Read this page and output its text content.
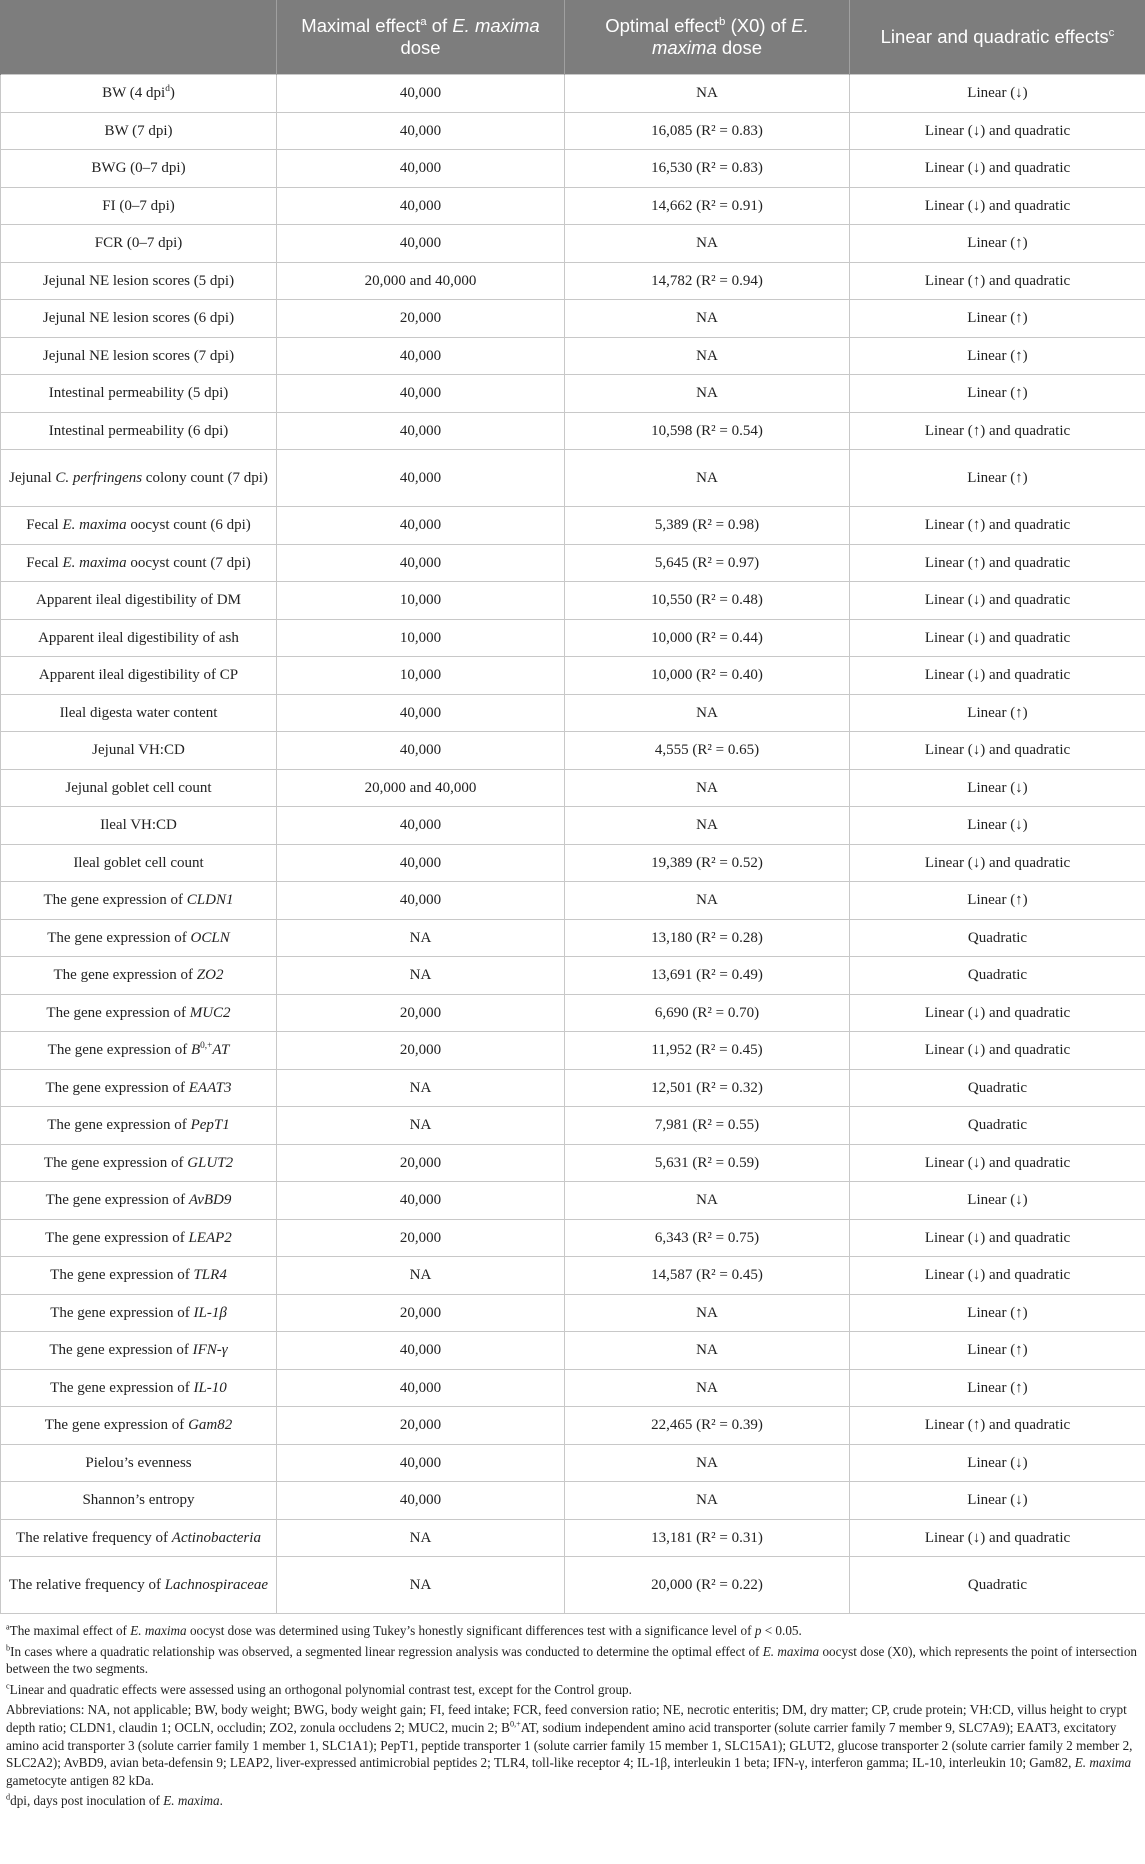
	Maximal effect$^a$ of E. maxima dose	Optimal effect$^b$ (X0) of E. maxima dose	Linear and quadratic effects$^c$
BW (4 dpi$^d$)	40,000	NA	Linear (↓)
BW (7 dpi)	40,000	16,085 (R² = 0.83)	Linear (↓) and quadratic
BWG (0–7 dpi)	40,000	16,530 (R² = 0.83)	Linear (↓) and quadratic
FI (0–7 dpi)	40,000	14,662 (R² = 0.91)	Linear (↓) and quadratic
FCR (0–7 dpi)	40,000	NA	Linear (↑)
Jejunal NE lesion scores (5 dpi)	20,000 and 40,000	14,782 (R² = 0.94)	Linear (↑) and quadratic
Jejunal NE lesion scores (6 dpi)	20,000	NA	Linear (↑)
Jejunal NE lesion scores (7 dpi)	40,000	NA	Linear (↑)
Intestinal permeability (5 dpi)	40,000	NA	Linear (↑)
Intestinal permeability (6 dpi)	40,000	10,598 (R² = 0.54)	Linear (↑) and quadratic
Jejunal C. perfringens colony count (7 dpi)	40,000	NA	Linear (↑)
Fecal E. maxima oocyst count (6 dpi)	40,000	5,389 (R² = 0.98)	Linear (↑) and quadratic
Fecal E. maxima oocyst count (7 dpi)	40,000	5,645 (R² = 0.97)	Linear (↑) and quadratic
Apparent ileal digestibility of DM	10,000	10,550 (R² = 0.48)	Linear (↓) and quadratic
Apparent ileal digestibility of ash	10,000	10,000 (R² = 0.44)	Linear (↓) and quadratic
Apparent ileal digestibility of CP	10,000	10,000 (R² = 0.40)	Linear (↓) and quadratic
Ileal digesta water content	40,000	NA	Linear (↑)
Jejunal VH:CD	40,000	4,555 (R² = 0.65)	Linear (↓) and quadratic
Jejunal goblet cell count	20,000 and 40,000	NA	Linear (↓)
Ileal VH:CD	40,000	NA	Linear (↓)
Ileal goblet cell count	40,000	19,389 (R² = 0.52)	Linear (↓) and quadratic
The gene expression of CLDN1	40,000	NA	Linear (↑)
The gene expression of OCLN	NA	13,180 (R² = 0.28)	Quadratic
The gene expression of ZO2	NA	13,691 (R² = 0.49)	Quadratic
The gene expression of MUC2	20,000	6,690 (R² = 0.70)	Linear (↓) and quadratic
The gene expression of $B^{0,+}AT$	20,000	11,952 (R² = 0.45)	Linear (↓) and quadratic
The gene expression of EAAT3	NA	12,501 (R² = 0.32)	Quadratic
The gene expression of PepT1	NA	7,981 (R² = 0.55)	Quadratic
The gene expression of GLUT2	20,000	5,631 (R² = 0.59)	Linear (↓) and quadratic
The gene expression of AvBD9	40,000	NA	Linear (↓)
The gene expression of LEAP2	20,000	6,343 (R² = 0.75)	Linear (↓) and quadratic
The gene expression of TLR4	NA	14,587 (R² = 0.45)	Linear (↓) and quadratic
The gene expression of IL-1β	20,000	NA	Linear (↑)
The gene expression of IFN-γ	40,000	NA	Linear (↑)
The gene expression of IL-10	40,000	NA	Linear (↑)
The gene expression of Gam82	20,000	22,465 (R² = 0.39)	Linear (↑) and quadratic
Pielou’s evenness	40,000	NA	Linear (↓)
Shannon’s entropy	40,000	NA	Linear (↓)
The relative frequency of Actinobacteria	NA	13,181 (R² = 0.31)	Linear (↓) and quadratic
The relative frequency of Lachnospiraceae	NA	20,000 (R² = 0.22)	Quadratic

$^a$The maximal effect of E. maxima oocyst dose was determined using Tukey’s honestly significant differences test with a significance level of p < 0.05.

$^b$In cases where a quadratic relationship was observed, a segmented linear regression analysis was conducted to determine the optimal effect of E. maxima oocyst dose (X0), which represents the point of intersection between the two segments.

$^c$Linear and quadratic effects were assessed using an orthogonal polynomial contrast test, except for the Control group.

Abbreviations: NA, not applicable; BW, body weight; BWG, body weight gain; FI, feed intake; FCR, feed conversion ratio; NE, necrotic enteritis; DM, dry matter; CP, crude protein; VH:CD, villus height to crypt depth ratio; CLDN1, claudin 1; OCLN, occludin; ZO2, zonula occludens 2; MUC2, mucin 2; $B^{0,+}AT$, sodium independent amino acid transporter (solute carrier family 7 member 9, SLC7A9); EAAT3, excitatory amino acid transporter 3 (solute carrier family 1 member 1, SLC1A1); PepT1, peptide transporter 1 (solute carrier family 15 member 1, SLC15A1); GLUT2, glucose transporter 2 (solute carrier family 2 member 2, SLC2A2); AvBD9, avian beta-defensin 9; LEAP2, liver-expressed antimicrobial peptides 2; TLR4, toll-like receptor 4; IL-1β, interleukin 1 beta; IFN-γ, interferon gamma; IL-10, interleukin 10; Gam82, E. maxima gametocyte antigen 82 kDa.

$^d$dpi, days post inoculation of E. maxima.
